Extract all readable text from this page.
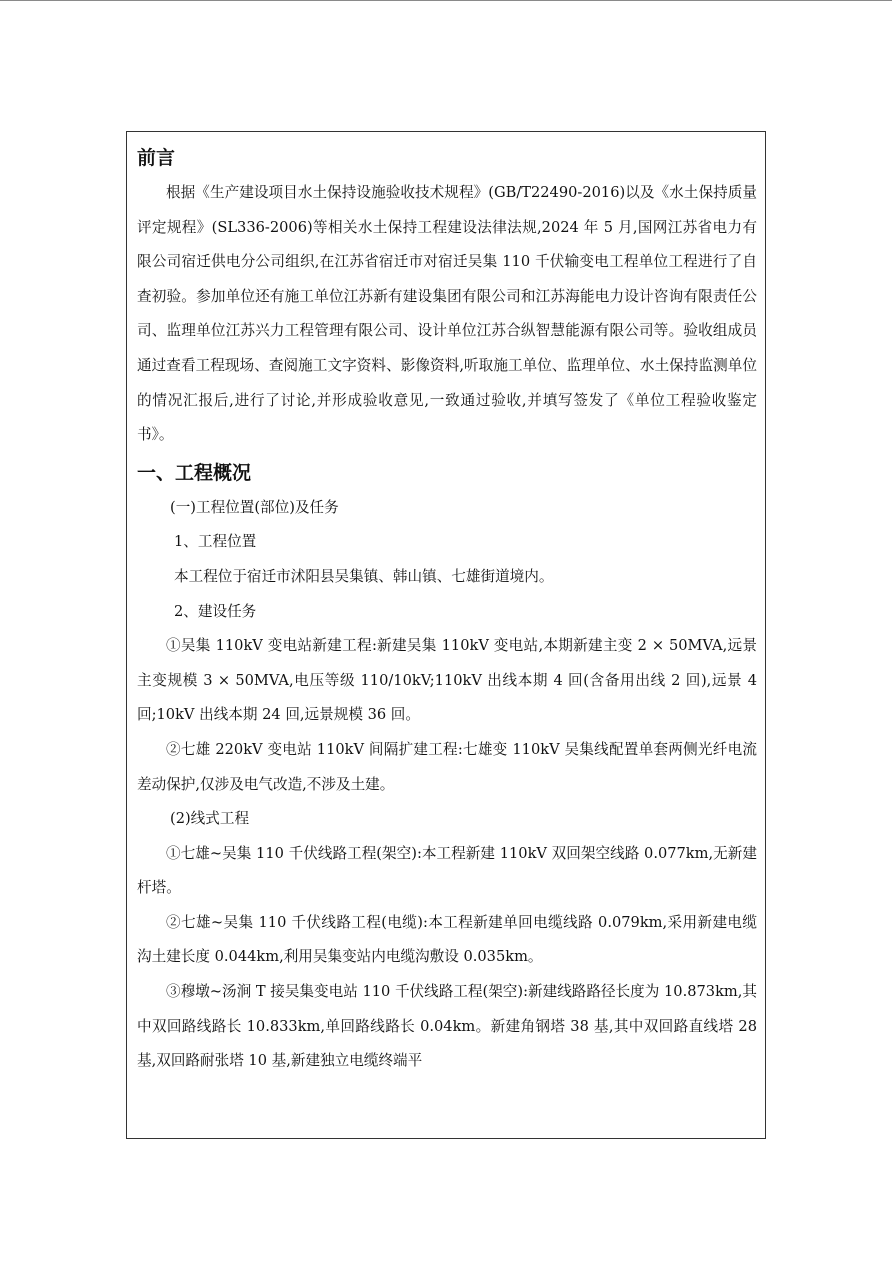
前言

根据《生产建设项目水土保持设施验收技术规程》(GB/T22490-2016)以及《水土保持质量评定规程》(SL336-2006)等相关水土保持工程建设法律法规,2024 年 5 月,国网江苏省电力有限公司宿迁供电分公司组织,在江苏省宿迁市对宿迁吴集 110 千伏输变电工程单位工程进行了自查初验。参加单位还有施工单位江苏新有建设集团有限公司和江苏海能电力设计咨询有限责任公司、监理单位江苏兴力工程管理有限公司、设计单位江苏合纵智慧能源有限公司等。验收组成员通过查看工程现场、查阅施工文字资料、影像资料,听取施工单位、监理单位、水土保持监测单位的情况汇报后,进行了讨论,并形成验收意见,一致通过验收,并填写签发了《单位工程验收鉴定书》。

一、工程概况
(一)工程位置(部位)及任务
1、工程位置
本工程位于宿迁市沭阳县吴集镇、韩山镇、七雄街道境内。
2、建设任务

①吴集 110kV 变电站新建工程:新建吴集 110kV 变电站,本期新建主变 2 × 50MVA,远景主变规模 3 × 50MVA,电压等级 110/10kV;110kV 出线本期 4 回(含备用出线 2 回),远景 4 回;10kV 出线本期 24 回,远景规模 36 回。

②七雄 220kV 变电站 110kV 间隔扩建工程:七雄变 110kV 吴集线配置单套两侧光纤电流差动保护,仅涉及电气改造,不涉及土建。

(2)线式工程

①七雄~吴集 110 千伏线路工程(架空):本工程新建 110kV 双回架空线路 0.077km,无新建杆塔。

②七雄~吴集 110 千伏线路工程(电缆):本工程新建单回电缆线路 0.079km,采用新建电缆沟土建长度 0.044km,利用吴集变站内电缆沟敷设 0.035km。

③穆墩~汤涧 T 接吴集变电站 110 千伏线路工程(架空):新建线路路径长度为 10.873km,其中双回路线路长 10.833km,单回路线路长 0.04km。新建角钢塔 38 基,其中双回路直线塔 28 基,双回路耐张塔 10 基,新建独立电缆终端平
